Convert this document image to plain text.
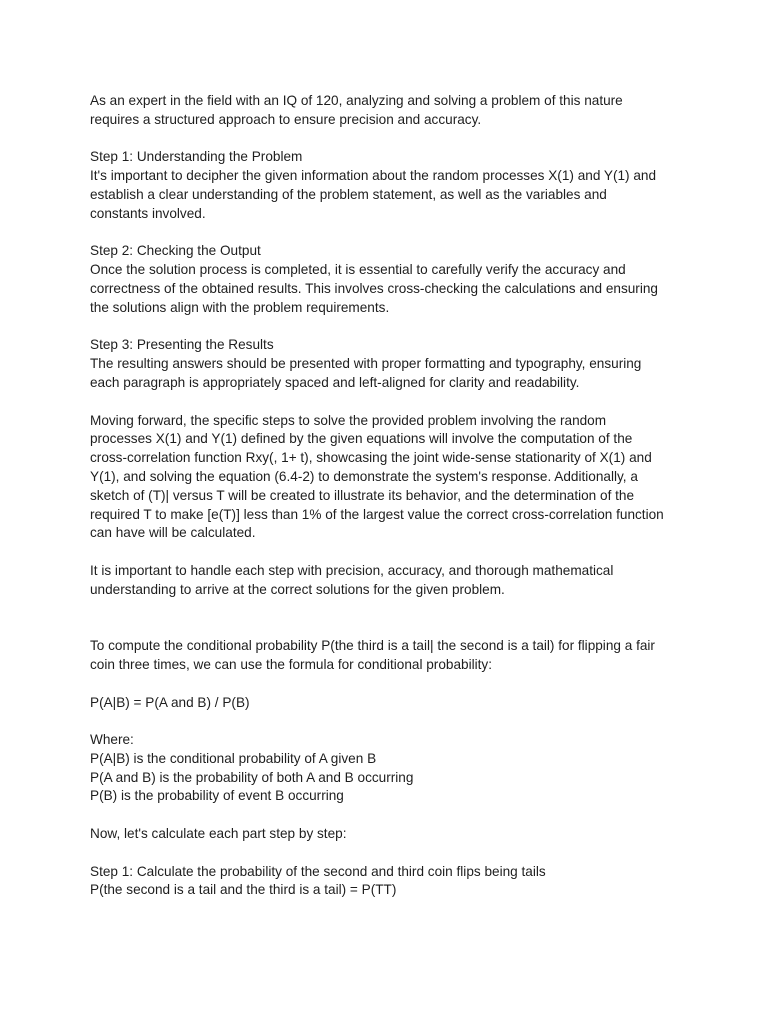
As an expert in the field with an IQ of 120, analyzing and solving a problem of this nature
requires a structured approach to ensure precision and accuracy.

Step 1: Understanding the Problem
It's important to decipher the given information about the random processes X(1) and Y(1) and
establish a clear understanding of the problem statement, as well as the variables and
constants involved.

Step 2: Checking the Output
Once the solution process is completed, it is essential to carefully verify the accuracy and
correctness of the obtained results. This involves cross-checking the calculations and ensuring
the solutions align with the problem requirements.

Step 3: Presenting the Results
The resulting answers should be presented with proper formatting and typography, ensuring
each paragraph is appropriately spaced and left-aligned for clarity and readability.

Moving forward, the specific steps to solve the provided problem involving the random
processes X(1) and Y(1) defined by the given equations will involve the computation of the
cross-correlation function Rxy(, 1+ t), showcasing the joint wide-sense stationarity of X(1) and
Y(1), and solving the equation (6.4-2) to demonstrate the system's response. Additionally, a
sketch of (T)| versus T will be created to illustrate its behavior, and the determination of the
required T to make [e(T)] less than 1% of the largest value the correct cross-correlation function
can have will be calculated.

It is important to handle each step with precision, accuracy, and thorough mathematical
understanding to arrive at the correct solutions for the given problem.

To compute the conditional probability P(the third is a tail| the second is a tail) for flipping a fair
coin three times, we can use the formula for conditional probability:

P(A|B) = P(A and B) / P(B)

Where:
P(A|B) is the conditional probability of A given B
P(A and B) is the probability of both A and B occurring
P(B) is the probability of event B occurring

Now, let's calculate each part step by step:

Step 1: Calculate the probability of the second and third coin flips being tails
P(the second is a tail and the third is a tail) = P(TT)
